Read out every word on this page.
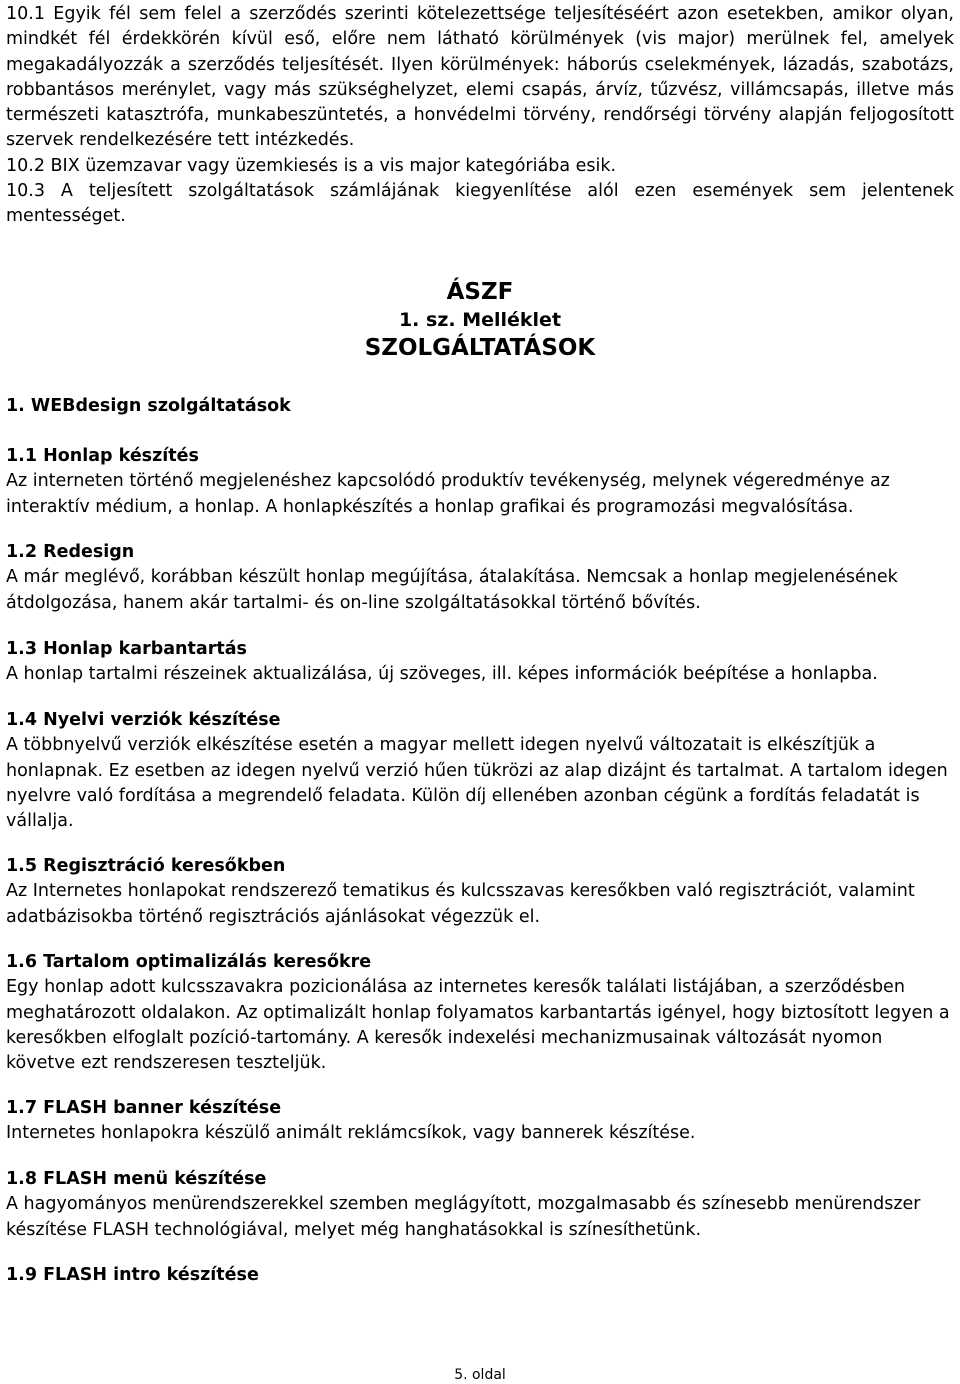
10.1 Egyik fél sem felel a szerződés szerinti kötelezettsége teljesítéséért azon esetekben, amikor olyan, mindkét fél érdekkörén kívül eső, előre nem látható körülmények (vis major) merülnek fel, amelyek megakadályozzák a szerződés teljesítését. Ilyen körülmények: háborús cselekmények, lázadás, szabotázs, robbantásos merénylet, vagy más szükséghelyzet, elemi csapás, árvíz, tűzvész, villámcsapás, illetve más természeti katasztrófa, munkabeszüntetés, a honvédelmi törvény, rendőrségi törvény alapján feljogosított szervek rendelkezésére tett intézkedés.
10.2 BIX üzemzavar vagy üzemkiesés is a vis major kategóriába esik.
10.3 A teljesített szolgáltatások számlájának kiegyenlítése alól ezen események sem jelentenek mentességet.
ÁSZF
1. sz. Melléklet
SZOLGÁLTATÁSOK
1. WEBdesign szolgáltatások
1.1 Honlap készítés
Az interneten történő megjelenéshez kapcsolódó produktív tevékenység, melynek végeredménye az interaktív médium, a honlap. A honlapkészítés a honlap grafikai és programozási megvalósítása.
1.2 Redesign
A már meglévő, korábban készült honlap megújítása, átalakítása. Nemcsak a honlap megjelenésének átdolgozása, hanem akár tartalmi- és on-line szolgáltatásokkal történő bővítés.
1.3 Honlap karbantartás
A honlap tartalmi részeinek aktualizálása, új szöveges, ill. képes információk beépítése a honlapba.
1.4 Nyelvi verziók készítése
A többnyelvű verziók elkészítése esetén a magyar mellett idegen nyelvű változatait is elkészítjük a honlapnak. Ez esetben az idegen nyelvű verzió hűen tükrözi az alap dizájnt és tartalmat. A tartalom idegen nyelvre való fordítása a megrendelő feladata. Külön díj ellenében azonban cégünk a fordítás feladatát is vállalja.
1.5 Regisztráció keresőkben
Az Internetes honlapokat rendszerező tematikus és kulcsszavas keresőkben való regisztrációt, valamint adatbázisokba történő regisztrációs ajánlásokat végezzük el.
1.6 Tartalom optimalizálás keresőkre
Egy honlap adott kulcsszavakra pozicionálása az internetes keresők találati listájában, a szerződésben meghatározott oldalakon. Az optimalizált honlap folyamatos karbantartás igényel, hogy biztosított legyen a keresőkben elfoglalt pozíció-tartomány. A keresők indexelési mechanizmusainak változását nyomon követve ezt rendszeresen teszteljük.
1.7 FLASH banner készítése
Internetes honlapokra készülő animált reklámcsíkok, vagy bannerek készítése.
1.8 FLASH menü készítése
A hagyományos menürendszerekkel szemben meglágyított, mozgalmasabb és színesebb menürendszer készítése FLASH technológiával, melyet még hanghatásokkal is színesíthetünk.
1.9 FLASH intro készítése
5. oldal
